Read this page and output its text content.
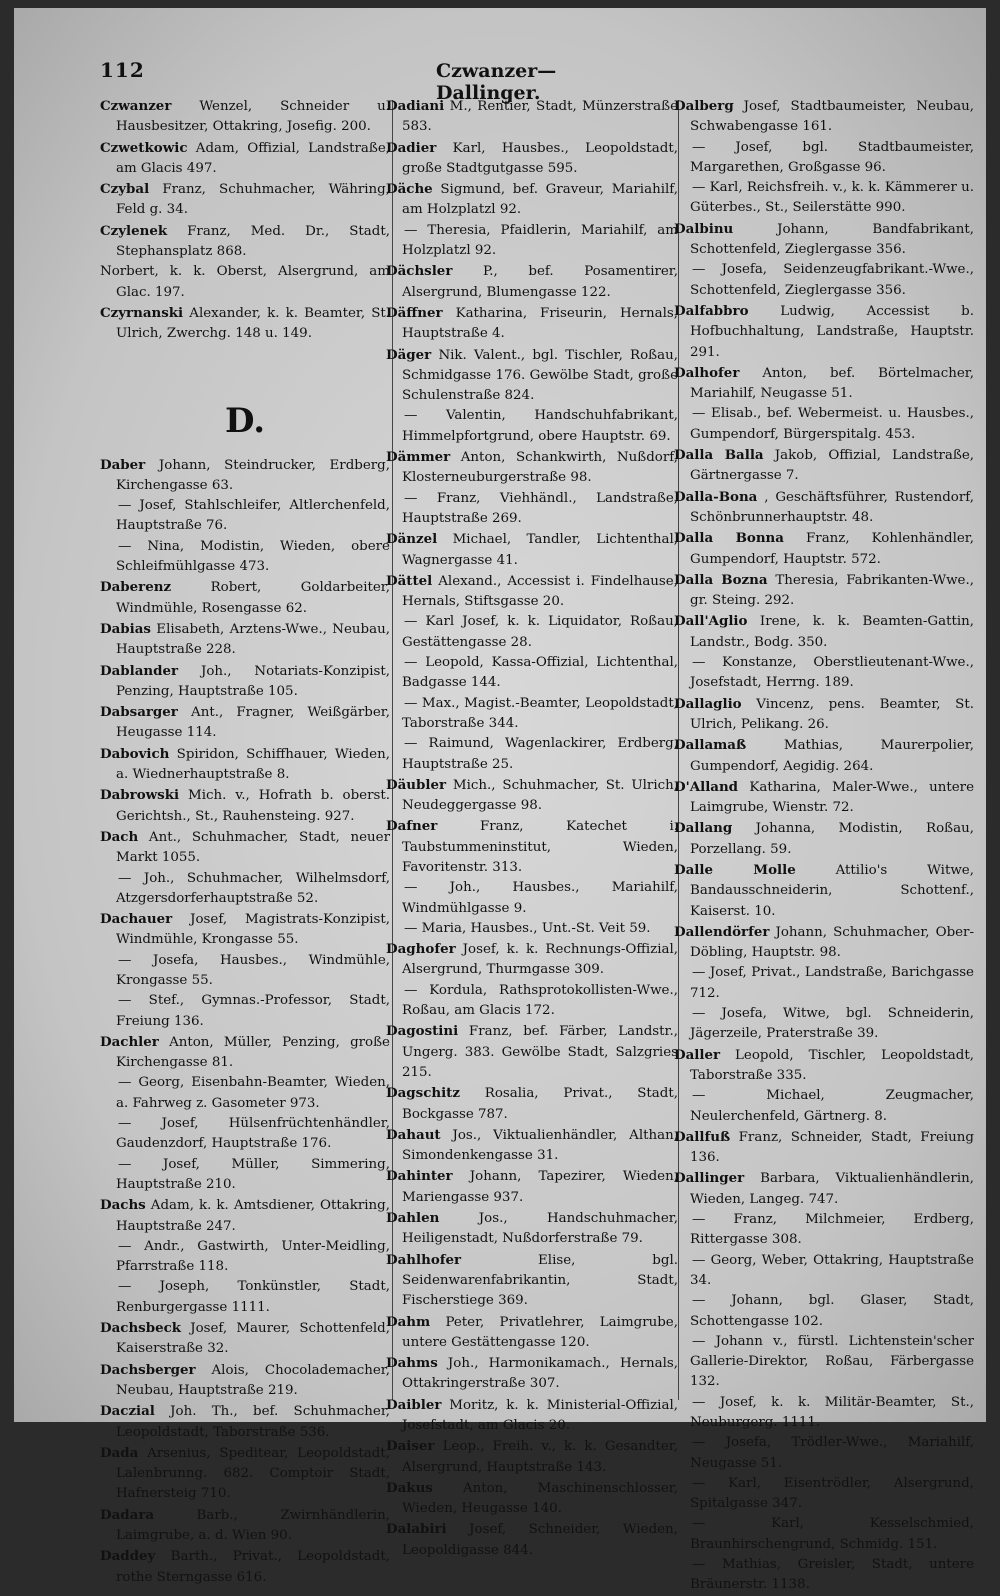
112	Czwanzer—Dallinger.

Czwanzer Wenzel, Schneider u. Hausbesitzer, Ottakring, Josefig. 200.

Czwetkowic Adam, Offizial, Landstraße, am Glacis 497.

Czybal Franz, Schuhmacher, Währing, Feld g. 34.

Czylenek Franz, Med. Dr., Stadt, Stephansplatz 868.

Norbert, k. k. Oberst, Alsergrund, am Glac. 197.

Czyrnanski Alexander, k. k. Beamter, St. Ulrich, Zwerchg. 148 u. 149.

D.

Daber Johann, Steindrucker, Erdberg, Kirchengasse 63.

— Josef, Stahlschleifer, Altlerchenfeld, Hauptstraße 76.

— Nina, Modistin, Wieden, obere Schleifmühlgasse 473.

Daberenz	Robert, Goldarbeiter, Windmühle, Rosengasse 62.

Dabias Elisabeth, Arztens-Wwe., Neubau, Hauptstraße 228.

Dablander Joh., Notariats-Konzipist, Penzing, Hauptstraße 105.

Dabsarger Ant., Fragner, Weißgärber, Heugasse 114.

Dabovich Spiridon, Schiffhauer, Wieden, a. Wiednerhauptstraße 8.

Dabrowski Mich. v., Hofrath b. oberst. Gerichtsh., St., Rauhensteing. 927.

Dach Ant., Schuhmacher, Stadt, neuer Markt 1055.

— Joh., Schuhmacher, Wilhelmsdorf, Atzgersdorferhauptstraße 52.

Dachauer Josef, Magistrats-Konzipist, Windmühle, Krongasse 55.

— Josefa, Hausbes., Windmühle, Krongasse 55.

— Stef., Gymnas.-Professor, Stadt, Freiung 136.

Dachler Anton, Müller, Penzing, große Kirchengasse 81.

— Georg, Eisenbahn-Beamter, Wieden, a. Fahrweg z. Gasometer 973.

— Josef, Hülsenfrüchtenhändler, Gaudenzdorf, Hauptstraße 176.

— Josef, Müller, Simmering, Hauptstraße 210.

Dachs Adam, k. k. Amtsdiener, Ottakring, Hauptstraße 247.

— Andr., Gastwirth, Unter-Meidling, Pfarrstraße 118.

— Joseph, Tonkünstler, Stadt, Renburgergasse 1111.

Dachsbeck Josef, Maurer, Schottenfeld, Kaiserstraße 32.

Dachsberger Alois, Chocolademacher, Neubau, Hauptstraße 219.

Daczial Joh. Th., bef. Schuhmacher, Leopoldstadt, Taborstraße 536.

Dada Arsenius, Speditear, Leopoldstadt, Lalenbrunng. 682. Comptoir Stadt, Hafnersteig 710.

Dadara	Barb., Zwirnhändlerin, Laimgrube, a. d. Wien 90.

Daddey Barth., Privat., Leopoldstadt, rothe Sterngasse 616.

Dadiani M., Rentier, Stadt, Münzerstraße 583.

Dadier Karl, Hausbes., Leopoldstadt, große Stadtgutgasse 595.

Däche Sigmund, bef. Graveur, Mariahilf, am Holzplatzl 92.

— Theresia, Pfaidlerin, Mariahilf, am Holzplatzl 92.

Dächsler P., bef. Posamentirer, Alsergrund, Blumengasse 122.

Däffner Katharina, Friseurin, Hernals, Hauptstraße 4.

Däger Nik. Valent., bgl. Tischler, Roßau, Schmidgasse 176. Gewölbe Stadt, große Schulenstraße 824.

— Valentin, Handschuhfabrikant, Himmelpfortgrund, obere Hauptstr. 69.

Dämmer Anton, Schankwirth, Nußdorf, Klosterneuburgerstraße 98.

— Franz, Viehhändl., Landstraße, Hauptstraße 269.

Dänzel Michael, Tandler, Lichtenthal, Wagnergasse 41.

Dättel Alexand., Accessist i. Findelhause, Hernals, Stiftsgasse 20.

— Karl Josef, k. k. Liquidator, Roßau, Gestättengasse 28.

— Leopold, Kassa-Offizial, Lichtenthal, Badgasse 144.

— Max., Magist.-Beamter, Leopoldstadt, Taborstraße 344.

— Raimund, Wagenlackirer, Erdberg, Hauptstraße 25.

Däubler Mich., Schuhmacher, St. Ulrich, Neudeggergasse 98.

Dafner	Franz, Katechet i. Taubstummeninstitut, Wieden, Favoritenstr. 313.

— Joh., Hausbes., Mariahilf, Windmühlgasse 9.

— Maria, Hausbes., Unt.-St. Veit 59.

Daghofer Josef, k. k. Rechnungs-Offizial, Alsergrund, Thurmgasse 309.

— Kordula, Rathsprotokollisten-Wwe., Roßau, am Glacis 172.

Dagostini Franz, bef. Färber, Landstr., Ungerg. 383. Gewölbe Stadt, Salzgries 215.

Dagschitz Rosalia, Privat., Stadt, Bockgasse 787.

Dahaut Jos., Viktualienhändler, Althan, Simondenkengasse 31.

Dahinter Johann, Tapezirer, Wieden, Mariengasse 937.

Dahlen	Jos., Handschuhmacher, Heiligenstadt, Nußdorferstraße 79.

Dahlhofer	Elise, bgl. Seidenwarenfabrikantin, Stadt, Fischerstiege 369.

Dahm Peter, Privatlehrer, Laimgrube, untere Gestättengasse 120.

Dahms Joh., Harmonikamach., Hernals, Ottakringerstraße 307.

Daibler Moritz, k. k. Ministerial-Offizial, Josefstadt, am Glacis 20.

Daiser Leop., Freih. v., k. k. Gesandter, Alsergrund, Hauptstraße 143.

Dakus Anton, Maschinenschlosser, Wieden, Heugasse 140.

Dalabiri Josef, Schneider, Wieden, Leopoldigasse 844.

Dalberg Josef, Stadtbaumeister, Neubau, Schwabengasse 161.

— Josef, bgl. Stadtbaumeister, Margarethen, Großgasse 96.

— Karl, Reichsfreih. v., k. k. Kämmerer u. Güterbes., St., Seilerstätte 990.

Dalbinu	Johann, Bandfabrikant, Schottenfeld, Zieglergasse 356.

— Josefa, Seidenzeugfabrikant.-Wwe., Schottenfeld, Zieglergasse 356.

Dalfabbro Ludwig, Accessist b. Hofbuchhaltung, Landstraße, Hauptstr. 291.

Dalhofer Anton, bef. Börtelmacher, Mariahilf, Neugasse 51.

— Elisab., bef. Webermeist. u. Hausbes., Gumpendorf, Bürgerspitalg. 453.

Dalla Balla Jakob, Offizial, Landstraße, Gärtnergasse 7.

Dalla-Bona , Geschäftsführer, Rustendorf, Schönbrunnerhauptstr. 48.

Dalla Bonna Franz, Kohlenhändler, Gumpendorf, Hauptstr. 572.

Dalla Bozna Theresia, Fabrikanten-Wwe., gr. Steing. 292.

Dall'Aglio Irene, k. k. Beamten-Gattin, Landstr., Bodg. 350.

— Konstanze, Oberstlieutenant-Wwe., Josefstadt, Herrng. 189.

Dallaglio Vincenz, pens. Beamter, St. Ulrich, Pelikang. 26.

Dallamaß	Mathias, Maurerpolier, Gumpendorf, Aegidig. 264.

D'Alland Katharina, Maler-Wwe., untere Laimgrube, Wienstr. 72.

Dallang Johanna, Modistin, Roßau, Porzellang. 59.

Dalle Molle	Attilio's Witwe, Bandausschneiderin, Schottenf., Kaiserst. 10.

Dallendörfer Johann, Schuhmacher, Ober-Döbling, Hauptstr. 98.

— Josef, Privat., Landstraße, Barichgasse 712.

— Josefa, Witwe, bgl. Schneiderin, Jägerzeile, Praterstraße 39.

Daller Leopold, Tischler, Leopoldstadt, Taborstraße 335.

— Michael, Zeugmacher, Neulerchenfeld, Gärtnerg. 8.

Dallfuß Franz, Schneider, Stadt, Freiung 136.

Dallinger Barbara, Viktualienhändlerin, Wieden, Langeg. 747.

— Franz, Milchmeier, Erdberg, Rittergasse 308.

— Georg, Weber, Ottakring, Hauptstraße 34.

— Johann, bgl. Glaser, Stadt, Schottengasse 102.

— Johann v., fürstl. Lichtenstein'scher Gallerie-Direktor, Roßau, Färbergasse 132.

— Josef, k. k. Militär-Beamter, St., Neuburgerg. 1111.

— Josefa, Trödler-Wwe., Mariahilf, Neugasse 51.

— Karl, Eisentrödler, Alsergrund, Spitalgasse 347.

— Karl, Kesselschmied, Braunhirschengrund, Schmidg. 151.

— Mathias, Greisler, Stadt, untere Bräunerstr. 1138.
